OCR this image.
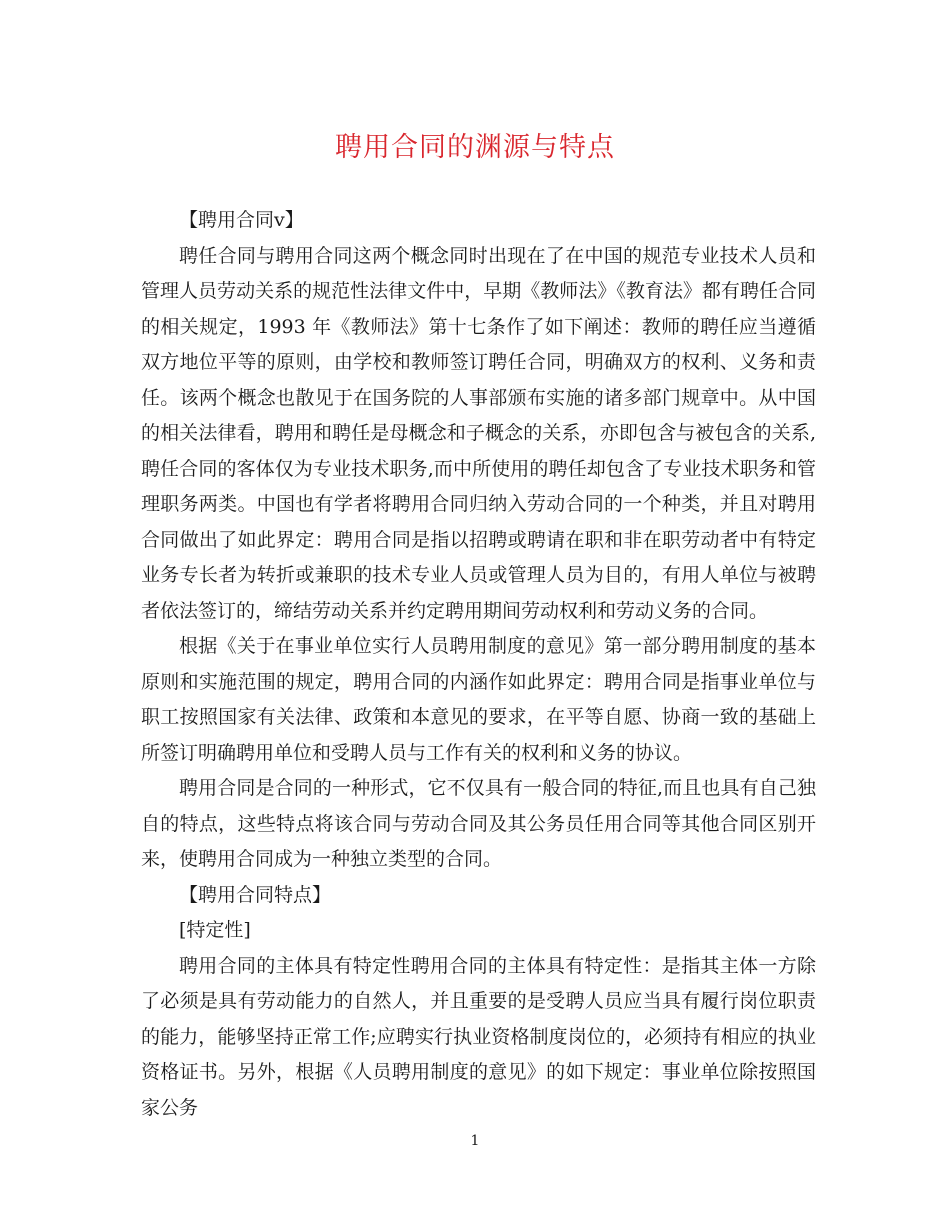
聘用合同的渊源与特点

【聘用合同v】

聘任合同与聘用合同这两个概念同时出现在了在中国的规范专业技术人员和管理人员劳动关系的规范性法律文件中，早期《教师法》《教育法》都有聘任合同的相关规定，1993 年《教师法》第十七条作了如下阐述：教师的聘任应当遵循双方地位平等的原则，由学校和教师签订聘任合同，明确双方的权利、义务和责任。该两个概念也散见于在国务院的人事部颁布实施的诸多部门规章中。从中国的相关法律看，聘用和聘任是母概念和子概念的关系，亦即包含与被包含的关系,聘任合同的客体仅为专业技术职务,而中所使用的聘任却包含了专业技术职务和管理职务两类。中国也有学者将聘用合同归纳入劳动合同的一个种类，并且对聘用合同做出了如此界定：聘用合同是指以招聘或聘请在职和非在职劳动者中有特定业务专长者为转折或兼职的技术专业人员或管理人员为目的，有用人单位与被聘者依法签订的，缔结劳动关系并约定聘用期间劳动权利和劳动义务的合同。

根据《关于在事业单位实行人员聘用制度的意见》第一部分聘用制度的基本原则和实施范围的规定，聘用合同的内涵作如此界定：聘用合同是指事业单位与职工按照国家有关法律、政策和本意见的要求，在平等自愿、协商一致的基础上所签订明确聘用单位和受聘人员与工作有关的权利和义务的协议。

聘用合同是合同的一种形式，它不仅具有一般合同的特征,而且也具有自己独自的特点，这些特点将该合同与劳动合同及其公务员任用合同等其他合同区别开来，使聘用合同成为一种独立类型的合同。

【聘用合同特点】

[特定性]

聘用合同的主体具有特定性聘用合同的主体具有特定性：是指其主体一方除了必须是具有劳动能力的自然人，并且重要的是受聘人员应当具有履行岗位职责的能力，能够坚持正常工作;应聘实行执业资格制度岗位的，必须持有相应的执业资格证书。另外，根据《人员聘用制度的意见》的如下规定：事业单位除按照国家公务

1
